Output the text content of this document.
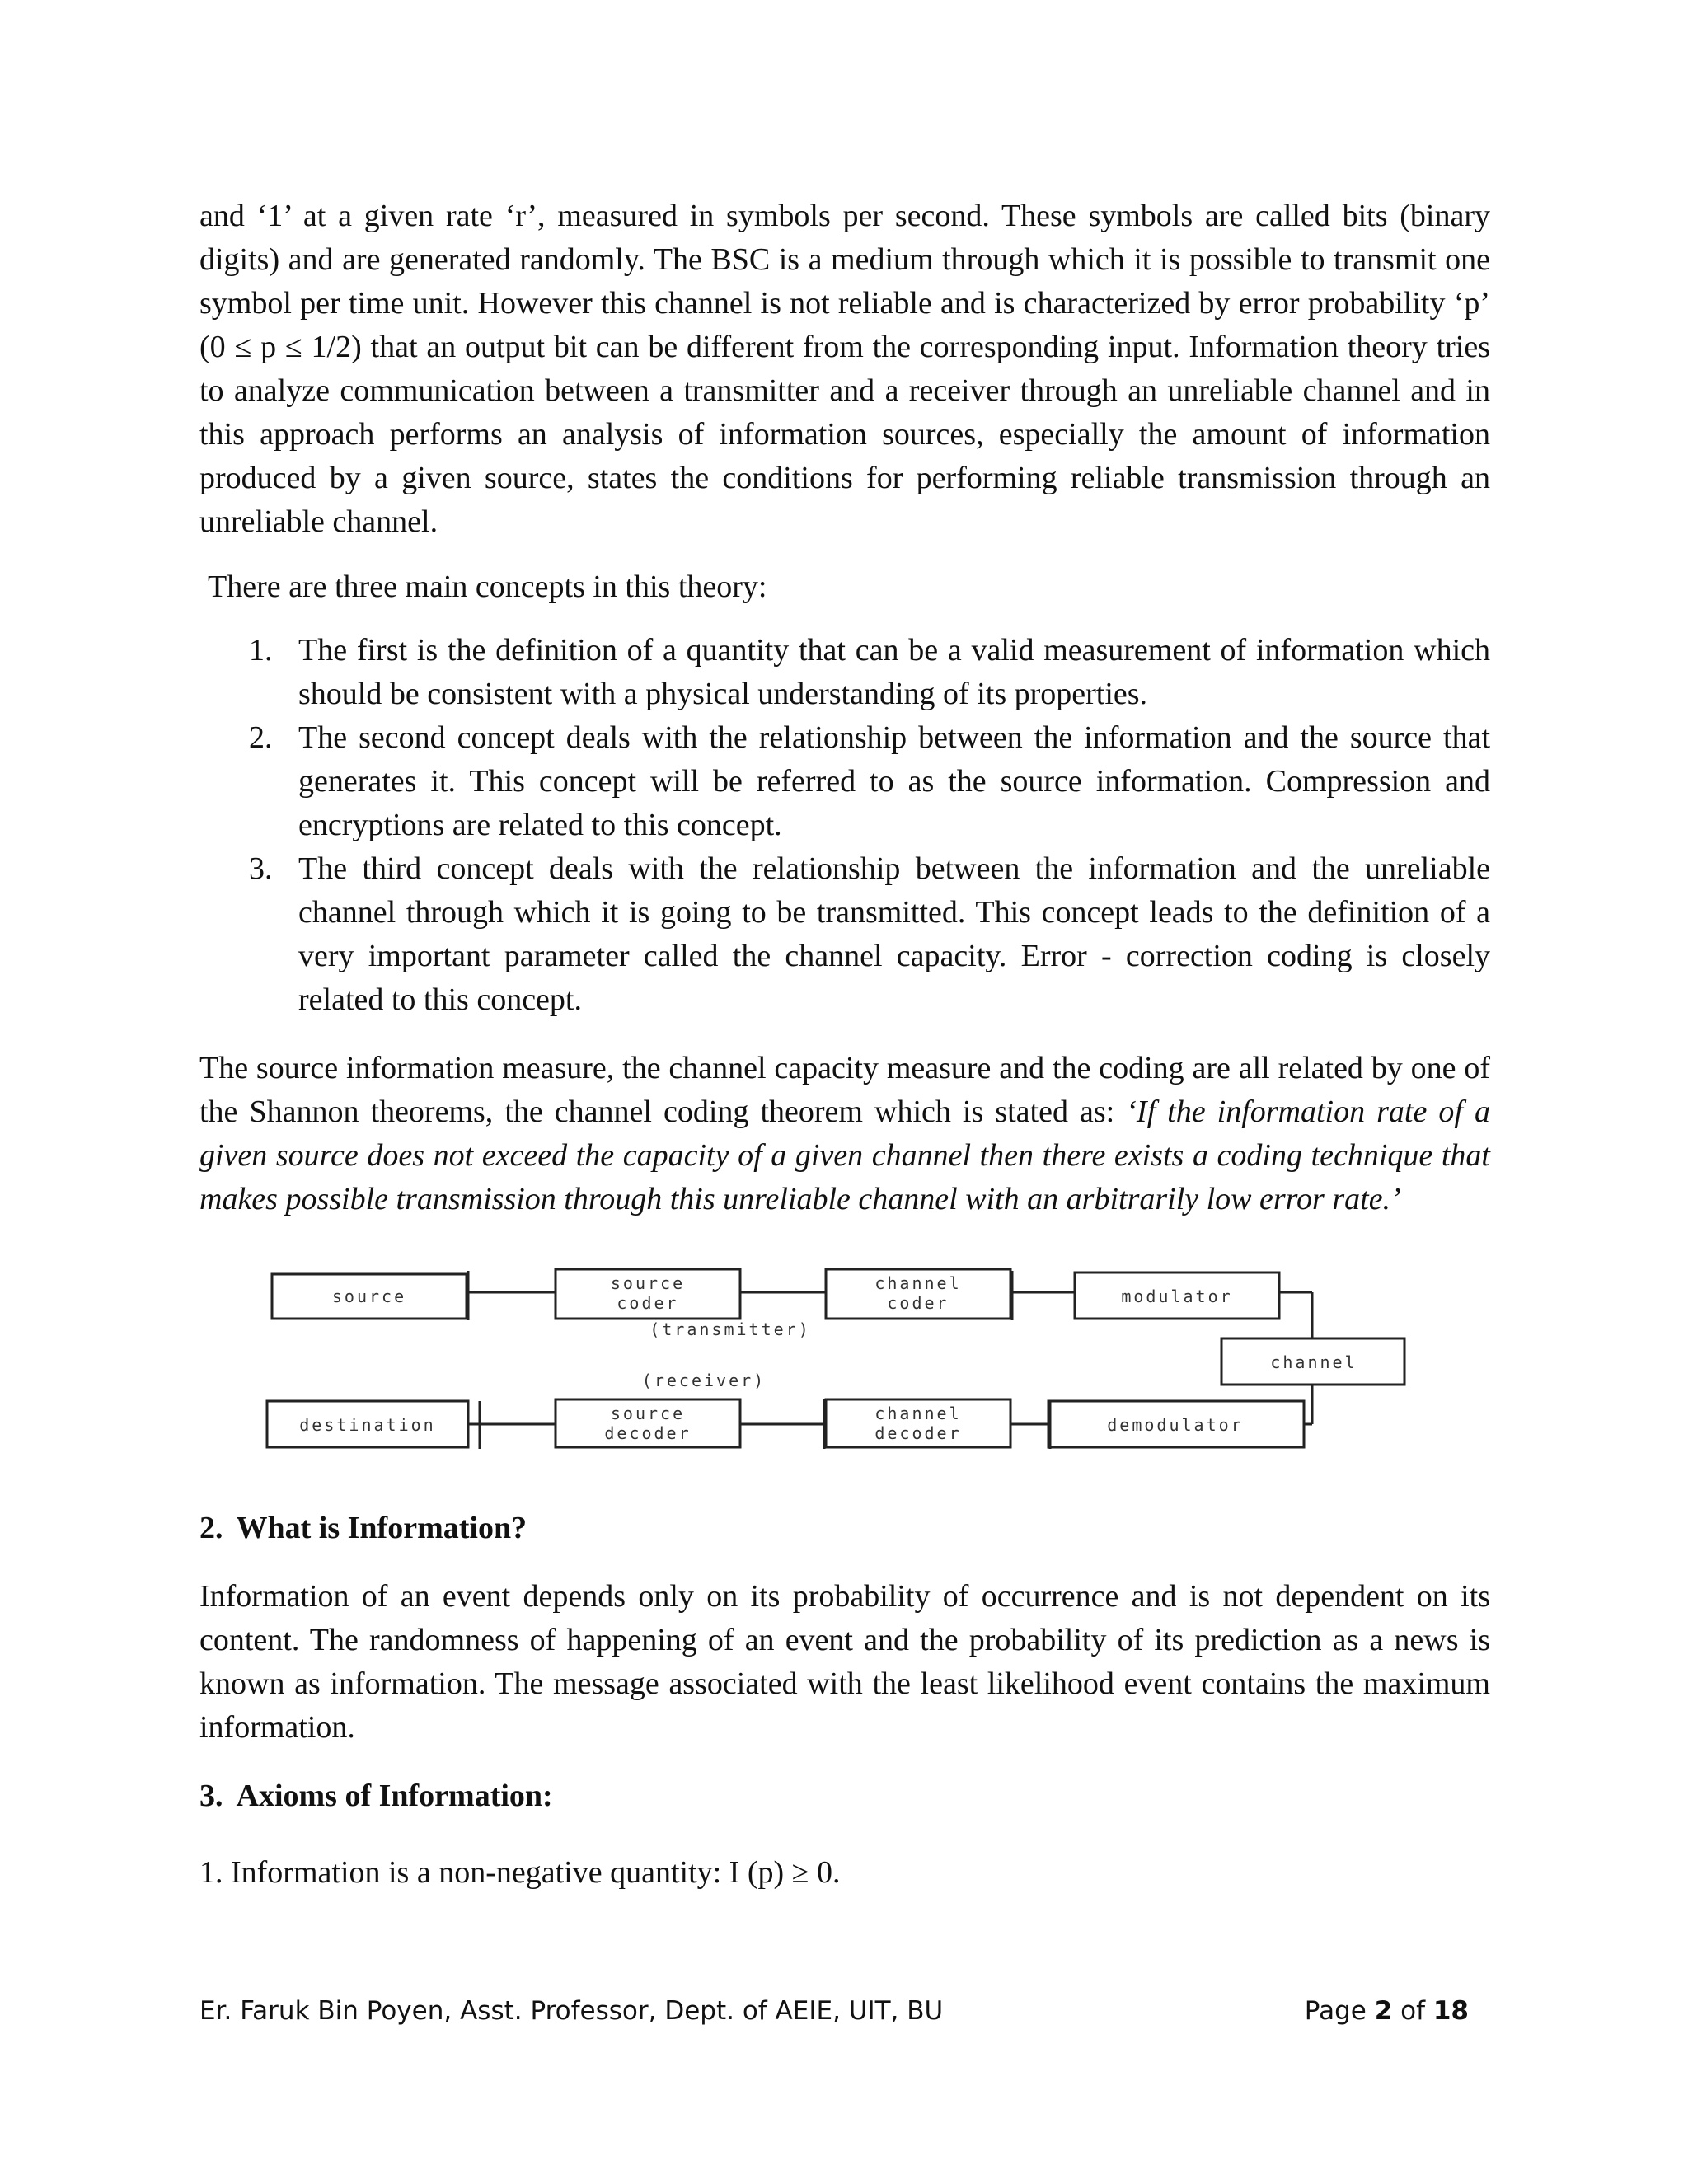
and ‘1’ at a given rate ‘r’, measured in symbols per second. These symbols are called bits (binary digits) and are generated randomly. The BSC is a medium through which it is possible to transmit one symbol per time unit. However this channel is not reliable and is characterized by error probability ‘p’ (0 ≤ p ≤ 1/2) that an output bit can be different from the corresponding input. Information theory tries to analyze communication between a transmitter and a receiver through an unreliable channel and in this approach performs an analysis of information sources, especially the amount of information produced by a given source, states the conditions for performing reliable transmission through an unreliable channel.

There are three main concepts in this theory:

1. The first is the definition of a quantity that can be a valid measurement of information which should be consistent with a physical understanding of its properties.
2. The second concept deals with the relationship between the information and the source that generates it. This concept will be referred to as the source information. Compression and encryptions are related to this concept.
3. The third concept deals with the relationship between the information and the unreliable channel through which it is going to be transmitted. This concept leads to the definition of a very important parameter called the channel capacity. Error - correction coding is closely related to this concept.

The source information measure, the channel capacity measure and the coding are all related by one of the Shannon theorems, the channel coding theorem which is stated as: ‘If the information rate of a given source does not exceed the capacity of a given channel then there exists a coding technique that makes possible transmission through this unreliable channel with an arbitrarily low error rate.’

source
source
coder
channel
coder	modulator
(transmitter)
channel
(receiver)
destination
source
decoder
channel
decoder	demodulator
2. What is Information?

Information of an event depends only on its probability of occurrence and is not dependent on its content. The randomness of happening of an event and the probability of its prediction as a news is known as information. The message associated with the least likelihood event contains the maximum information.

3. Axioms of Information:

1. Information is a non-negative quantity: I (p) ≥ 0.

Er. Faruk Bin Poyen, Asst. Professor, Dept. of AEIE, UIT, BU	Page 2 of 18
